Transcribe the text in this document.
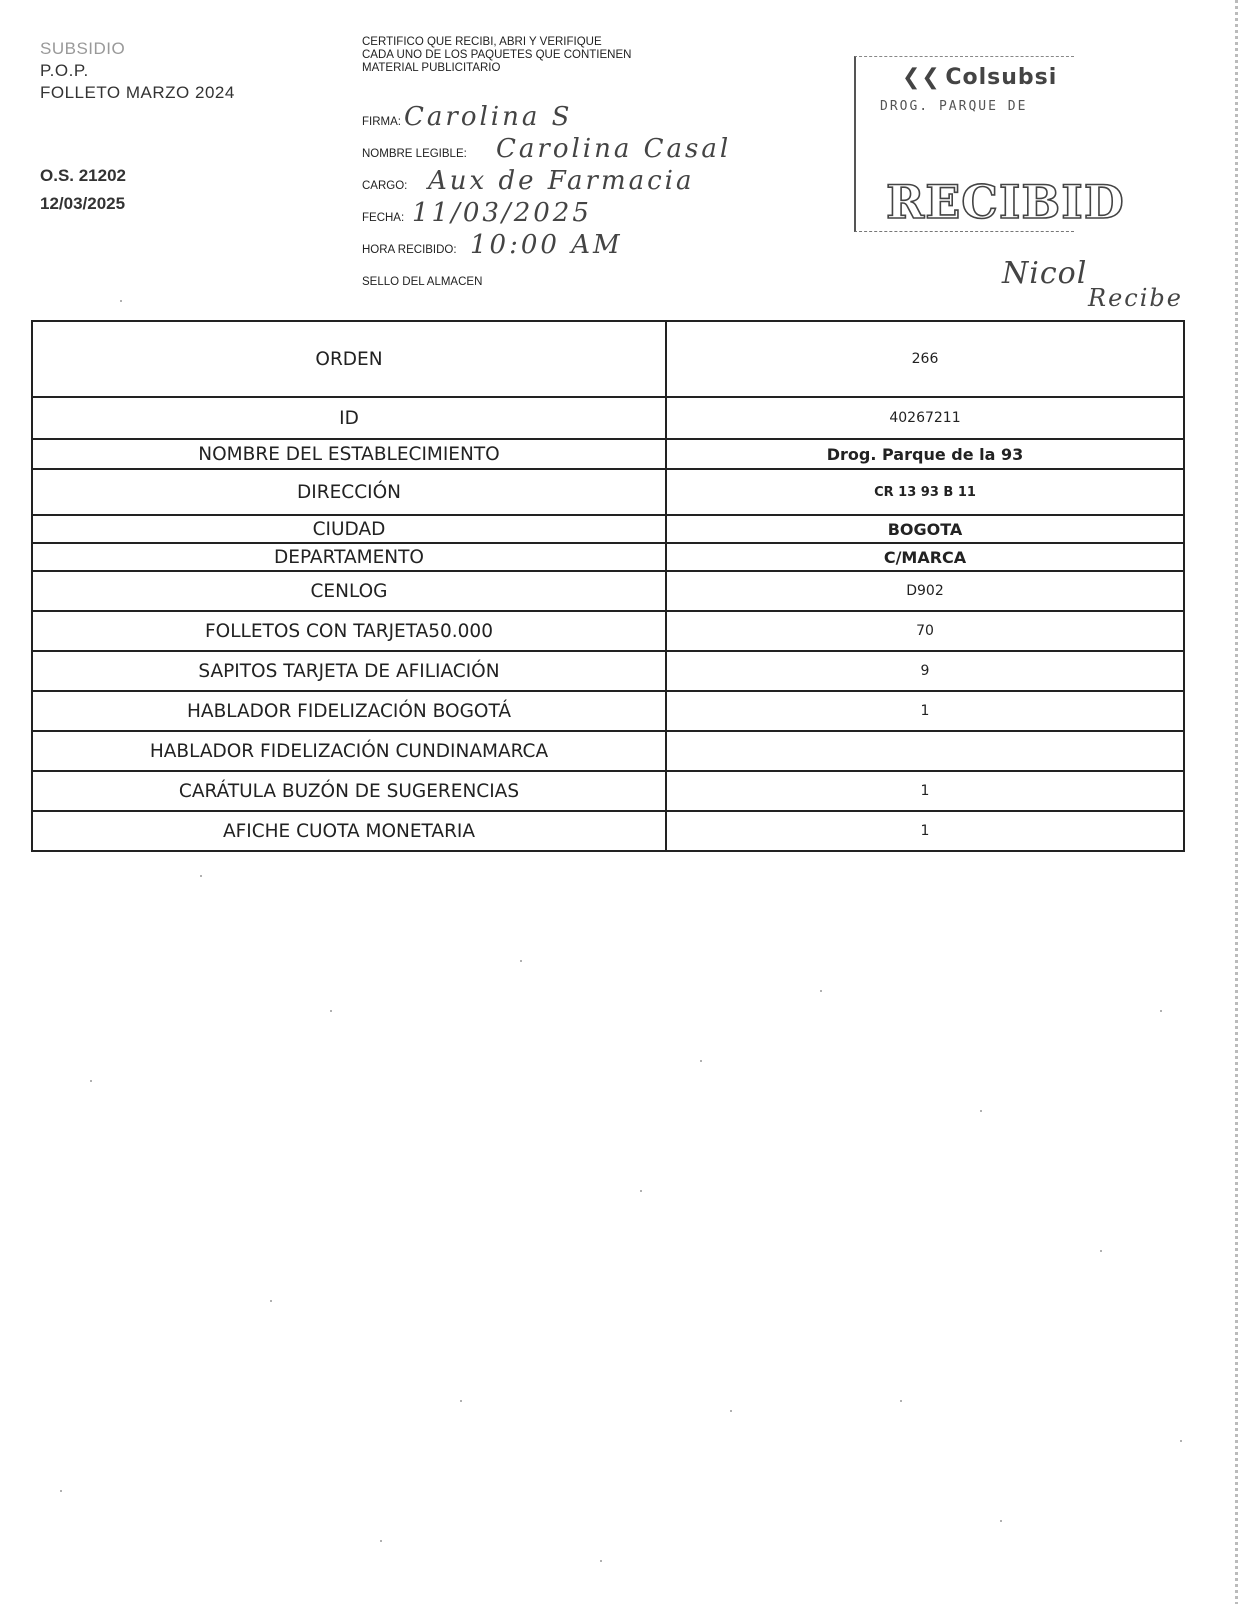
SUBSIDIO
P.O.P.
FOLLETO MARZO 2024
O.S. 21202
12/03/2025
CERTIFICO QUE RECIBI, ABRI Y VERIFIQUE CADA UNO DE LOS PAQUETES QUE CONTIENEN MATERIAL PUBLICITARIO
FIRMA: Carolina S
NOMBRE LEGIBLE: Carolina Casal
CARGO: Aux de Farmacia
FECHA: 11/03/2025
HORA RECIBIDO: 10:00 AM
SELLO DEL ALMACEN
❮❮ Colsubsi
DROG. PARQUE DE
RECIBID
Nicol
Recibe
ORDEN	266
ID	40267211
NOMBRE DEL ESTABLECIMIENTO	Drog. Parque de la 93
DIRECCIÓN	CR 13 93 B 11
CIUDAD	BOGOTA
DEPARTAMENTO	C/MARCA
CENLOG	D902
FOLLETOS CON TARJETA50.000	70
SAPITOS TARJETA DE AFILIACIÓN	9
HABLADOR FIDELIZACIÓN BOGOTÁ	1
HABLADOR FIDELIZACIÓN CUNDINAMARCA	
CARÁTULA BUZÓN DE SUGERENCIAS	1
AFICHE CUOTA MONETARIA	1
